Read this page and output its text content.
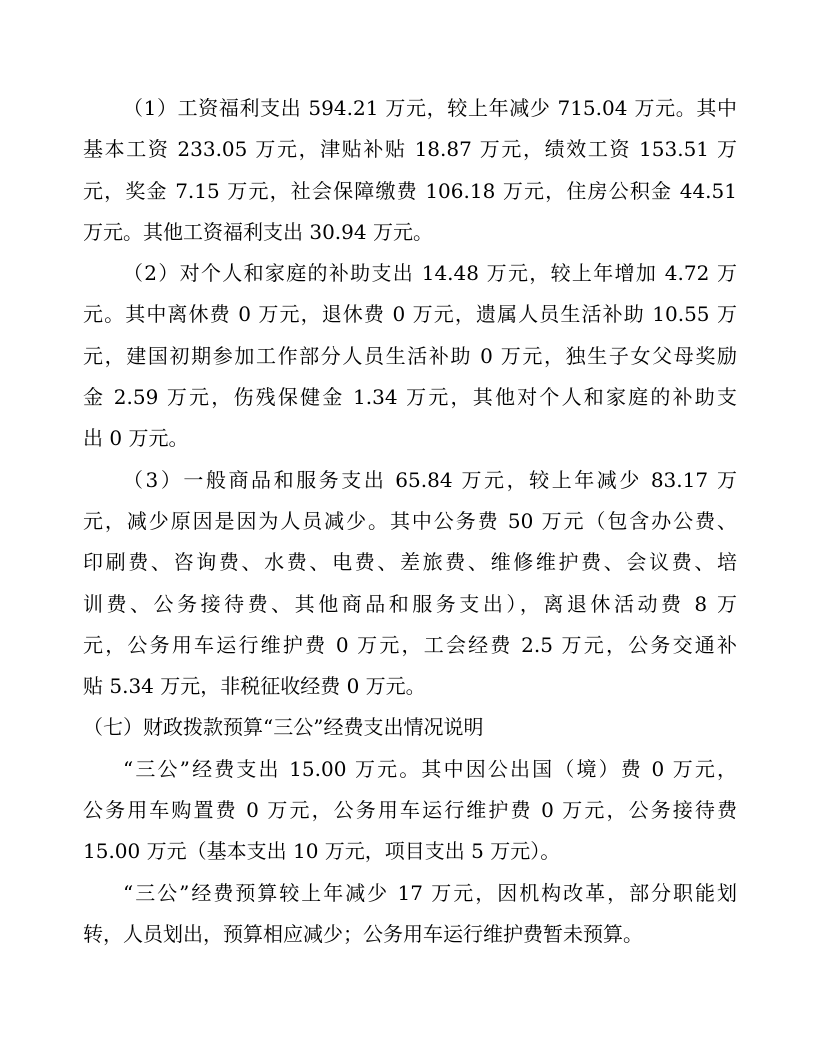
（1）工资福利支出 594.21 万元，较上年减少 715.04 万元。其中
基本工资 233.05 万元，津贴补贴 18.87 万元，绩效工资 153.51 万
元，奖金 7.15 万元，社会保障缴费 106.18 万元，住房公积金 44.51
万元。其他工资福利支出 30.94 万元。
（2）对个人和家庭的补助支出 14.48 万元，较上年增加 4.72 万
元。其中离休费 0 万元，退休费 0 万元，遗属人员生活补助 10.55 万
元，建国初期参加工作部分人员生活补助 0 万元，独生子女父母奖励
金 2.59 万元，伤残保健金 1.34 万元，其他对个人和家庭的补助支
出 0 万元。
（3）一般商品和服务支出 65.84 万元，较上年减少 83.17 万
元，减少原因是因为人员减少。其中公务费 50 万元（包含办公费、
印刷费、咨询费、水费、电费、差旅费、维修维护费、会议费、培
训费、公务接待费、其他商品和服务支出），离退休活动费 8 万
元，公务用车运行维护费 0 万元，工会经费 2.5 万元，公务交通补
贴 5.34 万元，非税征收经费 0 万元。
（七）财政拨款预算“三公”经费支出情况说明
“三公”经费支出 15.00 万元。其中因公出国（境）费 0 万元，
公务用车购置费 0 万元，公务用车运行维护费 0 万元，公务接待费
15.00 万元（基本支出 10 万元，项目支出 5 万元）。
“三公”经费预算较上年减少 17 万元，因机构改革，部分职能划
转，人员划出，预算相应减少；公务用车运行维护费暂未预算。
